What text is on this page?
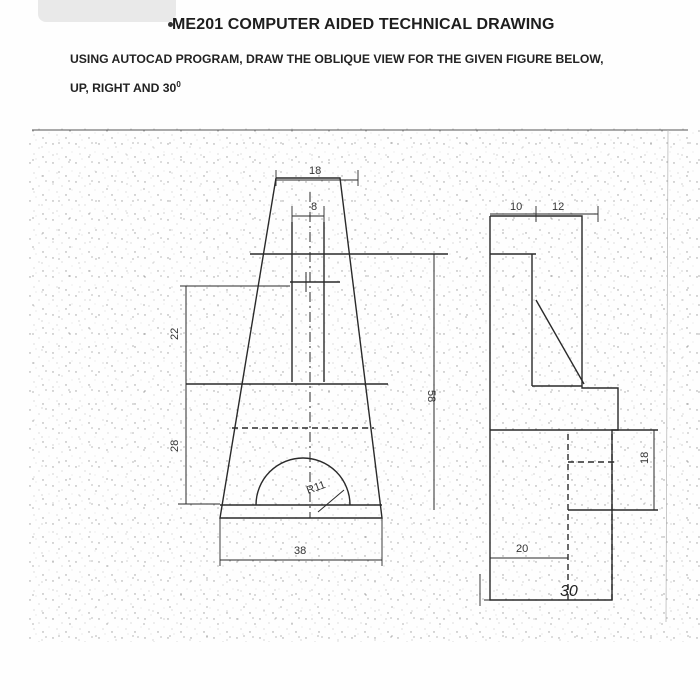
ME201 COMPUTER AIDED TECHNICAL DRAWING

USING AUTOCAD PROGRAM, DRAW THE OBLIQUE VIEW FOR THE GIVEN FIGURE BELOW,

UP, RIGHT AND $30^0$

18
8
22
28
R11
58
38
10	12
18
20
30
